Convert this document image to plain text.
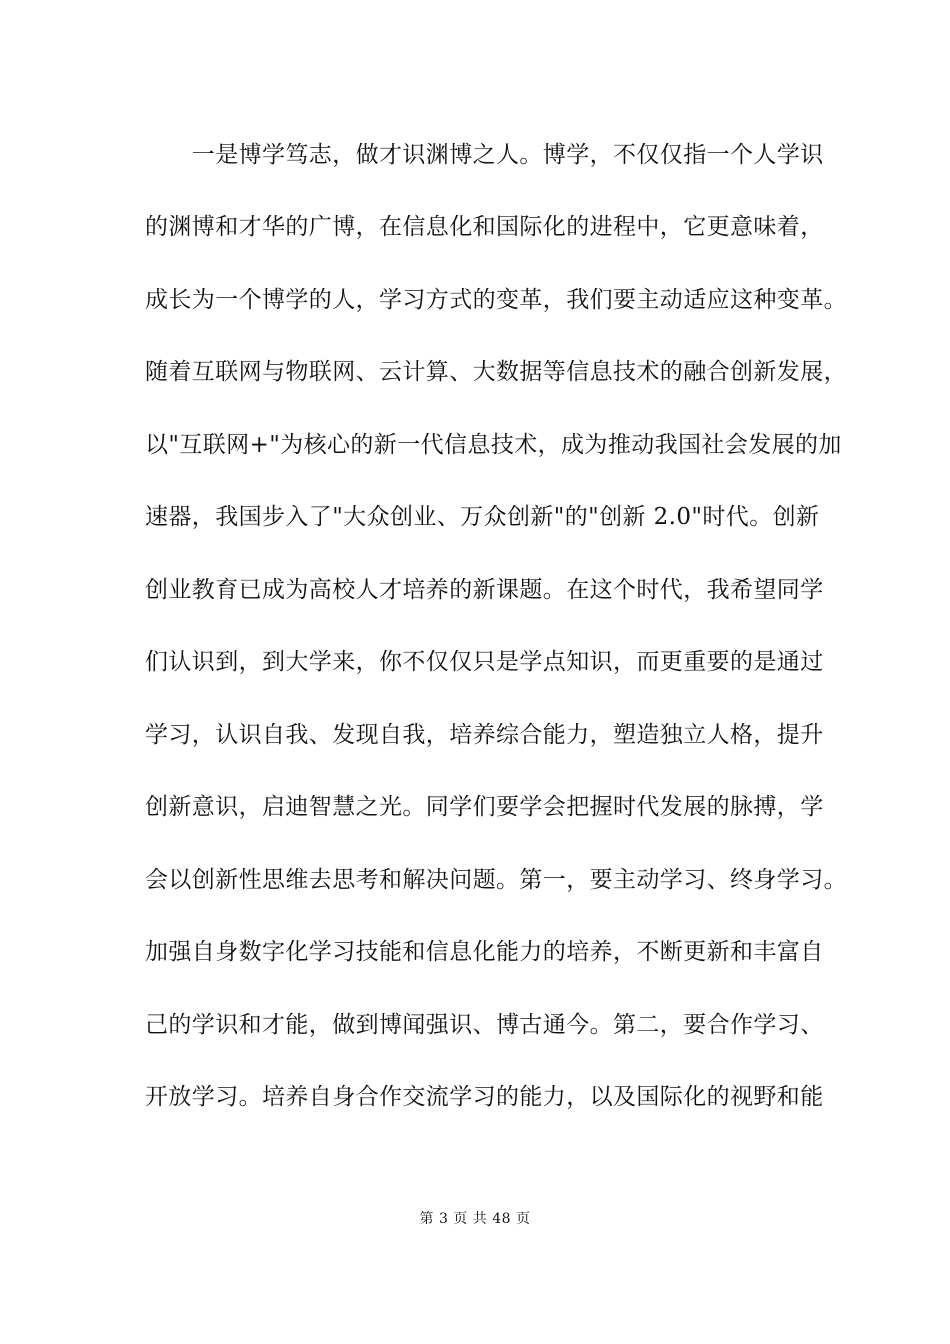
　　一是博学笃志，做才识渊博之人。博学，不仅仅指一个人学识
的渊博和才华的广博，在信息化和国际化的进程中，它更意味着，
成长为一个博学的人，学习方式的变革，我们要主动适应这种变革。
随着互联网与物联网、云计算、大数据等信息技术的融合创新发展，
以"互联网+"为核心的新一代信息技术，成为推动我国社会发展的加
速器，我国步入了"大众创业、万众创新"的"创新 2.0"时代。创新
创业教育已成为高校人才培养的新课题。在这个时代，我希望同学
们认识到，到大学来，你不仅仅只是学点知识，而更重要的是通过
学习，认识自我、发现自我，培养综合能力，塑造独立人格，提升
创新意识，启迪智慧之光。同学们要学会把握时代发展的脉搏，学
会以创新性思维去思考和解决问题。第一，要主动学习、终身学习。
加强自身数字化学习技能和信息化能力的培养，不断更新和丰富自
己的学识和才能，做到博闻强识、博古通今。第二，要合作学习、
开放学习。培养自身合作交流学习的能力，以及国际化的视野和能
第 3 页 共 48 页
